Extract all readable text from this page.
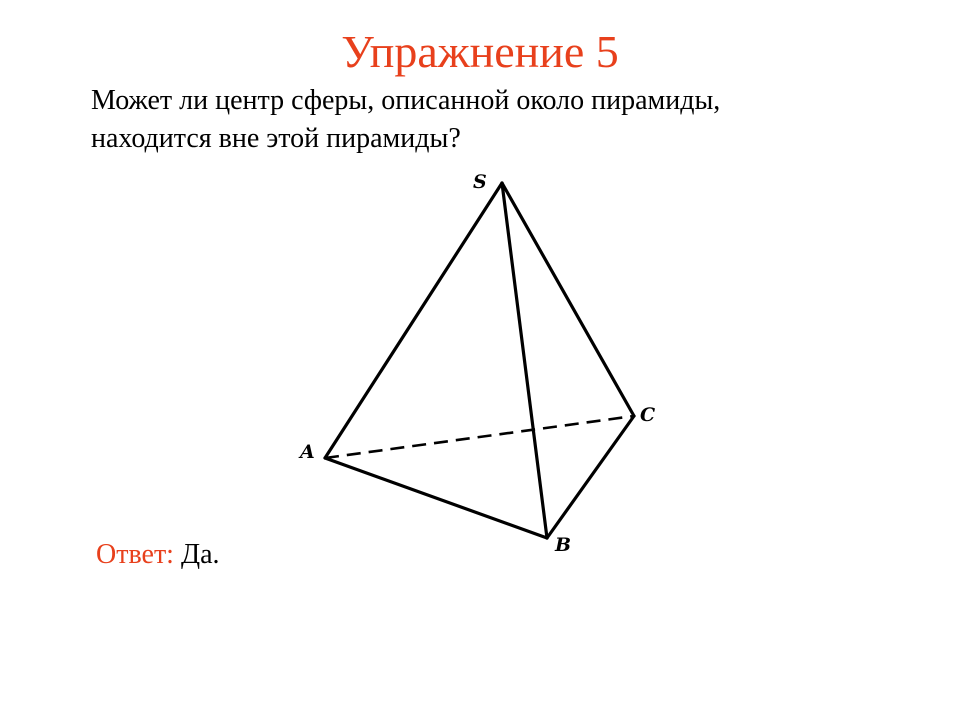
Упражнение 5
Может ли центр сферы, описанной около пирамиды,
находится вне этой пирамиды?
S
A
B
C
Ответ: Да.
